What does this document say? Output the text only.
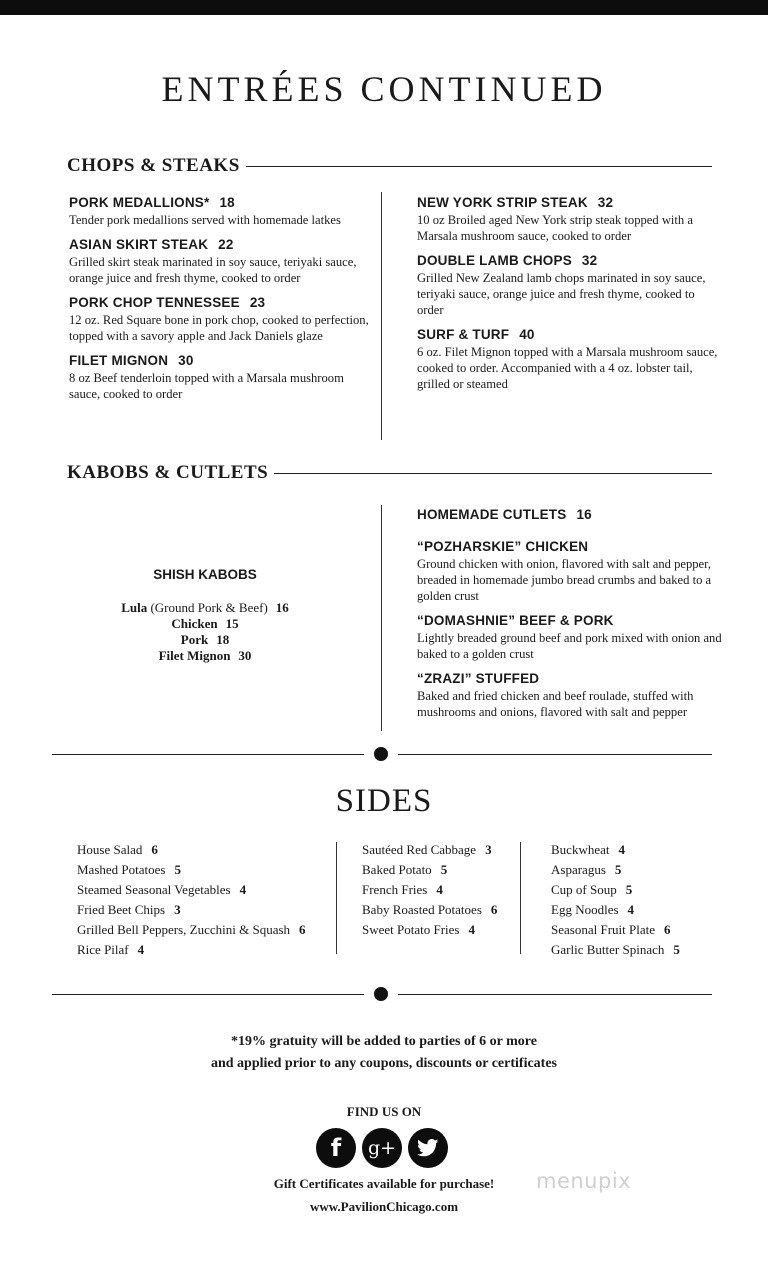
ENTRÉES CONTINUED
CHOPS & STEAKS
PORK MEDALLIONS* 18
Tender pork medallions served with homemade latkes
ASIAN SKIRT STEAK 22
Grilled skirt steak marinated in soy sauce, teriyaki sauce, orange juice and fresh thyme, cooked to order
PORK CHOP TENNESSEE 23
12 oz. Red Square bone in pork chop, cooked to perfection, topped with a savory apple and Jack Daniels glaze
FILET MIGNON 30
8 oz Beef tenderloin topped with a Marsala mushroom sauce, cooked to order
NEW YORK STRIP STEAK 32
10 oz Broiled aged New York strip steak topped with a Marsala mushroom sauce, cooked to order
DOUBLE LAMB CHOPS 32
Grilled New Zealand lamb chops marinated in soy sauce, teriyaki sauce, orange juice and fresh thyme, cooked to order
SURF & TURF 40
6 oz. Filet Mignon topped with a Marsala mushroom sauce, cooked to order. Accompanied with a 4 oz. lobster tail, grilled or steamed
KABOBS & CUTLETS
SHISH KABOBS
Lula (Ground Pork & Beef) 16
Chicken 15
Pork 18
Filet Mignon 30
HOMEMADE CUTLETS 16
“POZHARSKIE” CHICKEN
Ground chicken with onion, flavored with salt and pepper, breaded in homemade jumbo bread crumbs and baked to a golden crust
“DOMASHNIE” BEEF & PORK
Lightly breaded ground beef and pork mixed with onion and baked to a golden crust
“ZRAZI” STUFFED
Baked and fried chicken and beef roulade, stuffed with mushrooms and onions, flavored with salt and pepper
SIDES
House Salad 6
Mashed Potatoes 5
Steamed Seasonal Vegetables 4
Fried Beet Chips 3
Grilled Bell Peppers, Zucchini & Squash 6
Rice Pilaf 4
Sautéed Red Cabbage 3
Baked Potato 5
French Fries 4
Baby Roasted Potatoes 6
Sweet Potato Fries 4
Buckwheat 4
Asparagus 5
Cup of Soup 5
Egg Noodles 4
Seasonal Fruit Plate 6
Garlic Butter Spinach 5
*19% gratuity will be added to parties of 6 or more
and applied prior to any coupons, discounts or certificates
FIND US ON
f g+
Gift Certificates available for purchase!
www.PavilionChicago.com
menupix
